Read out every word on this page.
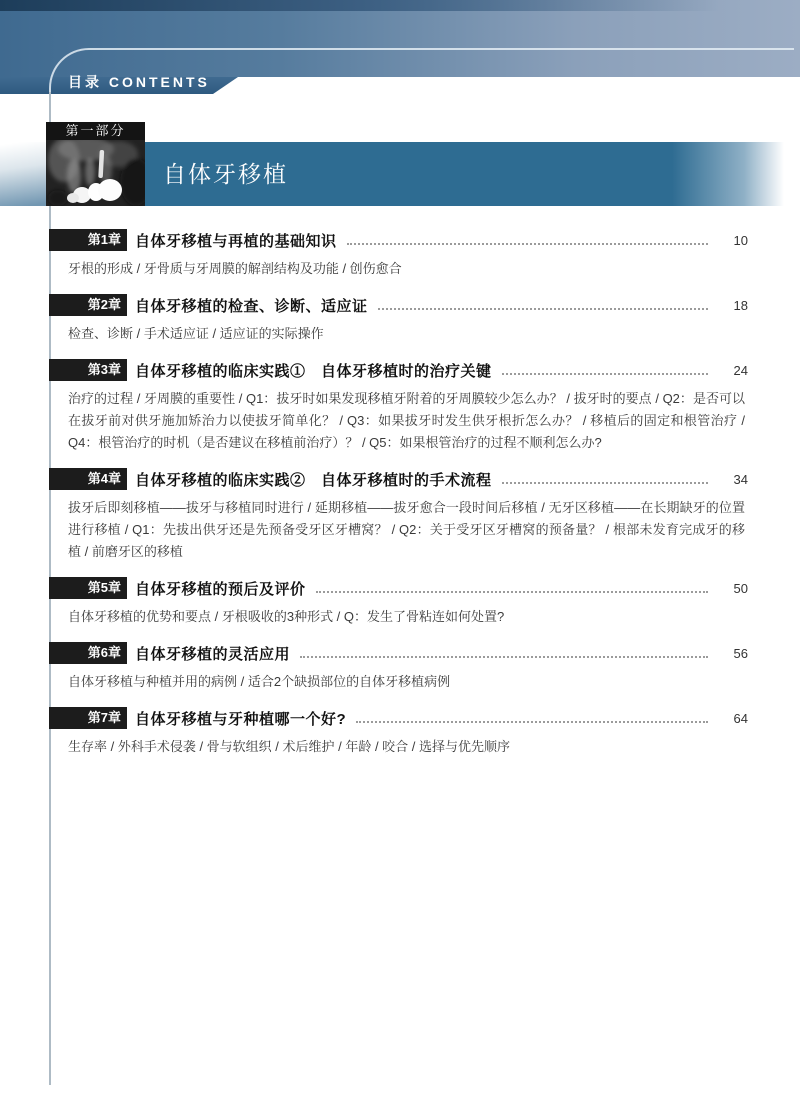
目录 CONTENTS
第一部分
自体牙移植
第1章 自体牙移植与再植的基础知识	10
牙根的形成 / 牙骨质与牙周膜的解剖结构及功能 / 创伤愈合
第2章 自体牙移植的检查、诊断、适应证	18
检查、诊断 / 手术适应证 / 适应证的实际操作
第3章 自体牙移植的临床实践①　自体牙移植时的治疗关键	24
治疗的过程 / 牙周膜的重要性 / Q1：拔牙时如果发现移植牙附着的牙周膜较少怎么办？ / 拔牙时的要点 / Q2：是否可以在拔牙前对供牙施加矫治力以使拔牙简单化？ / Q3：如果拔牙时发生供牙根折怎么办？ / 移植后的固定和根管治疗 / Q4：根管治疗的时机（是否建议在移植前治疗）？ / Q5：如果根管治疗的过程不顺利怎么办?
第4章 自体牙移植的临床实践②　自体牙移植时的手术流程	34
拔牙后即刻移植——拔牙与移植同时进行 / 延期移植——拔牙愈合一段时间后移植 / 无牙区移植——在长期缺牙的位置进行移植 / Q1：先拔出供牙还是先预备受牙区牙槽窝？ / Q2：关于受牙区牙槽窝的预备量？ / 根部未发育完成牙的移植 / 前磨牙区的移植
第5章 自体牙移植的预后及评价	50
自体牙移植的优势和要点 / 牙根吸收的3种形式 / Q：发生了骨粘连如何处置?
第6章 自体牙移植的灵活应用	56
自体牙移植与种植并用的病例 / 适合2个缺损部位的自体牙移植病例
第7章 自体牙移植与牙种植哪一个好?	64
生存率 / 外科手术侵袭 / 骨与软组织 / 术后维护 / 年龄 / 咬合 / 选择与优先顺序
